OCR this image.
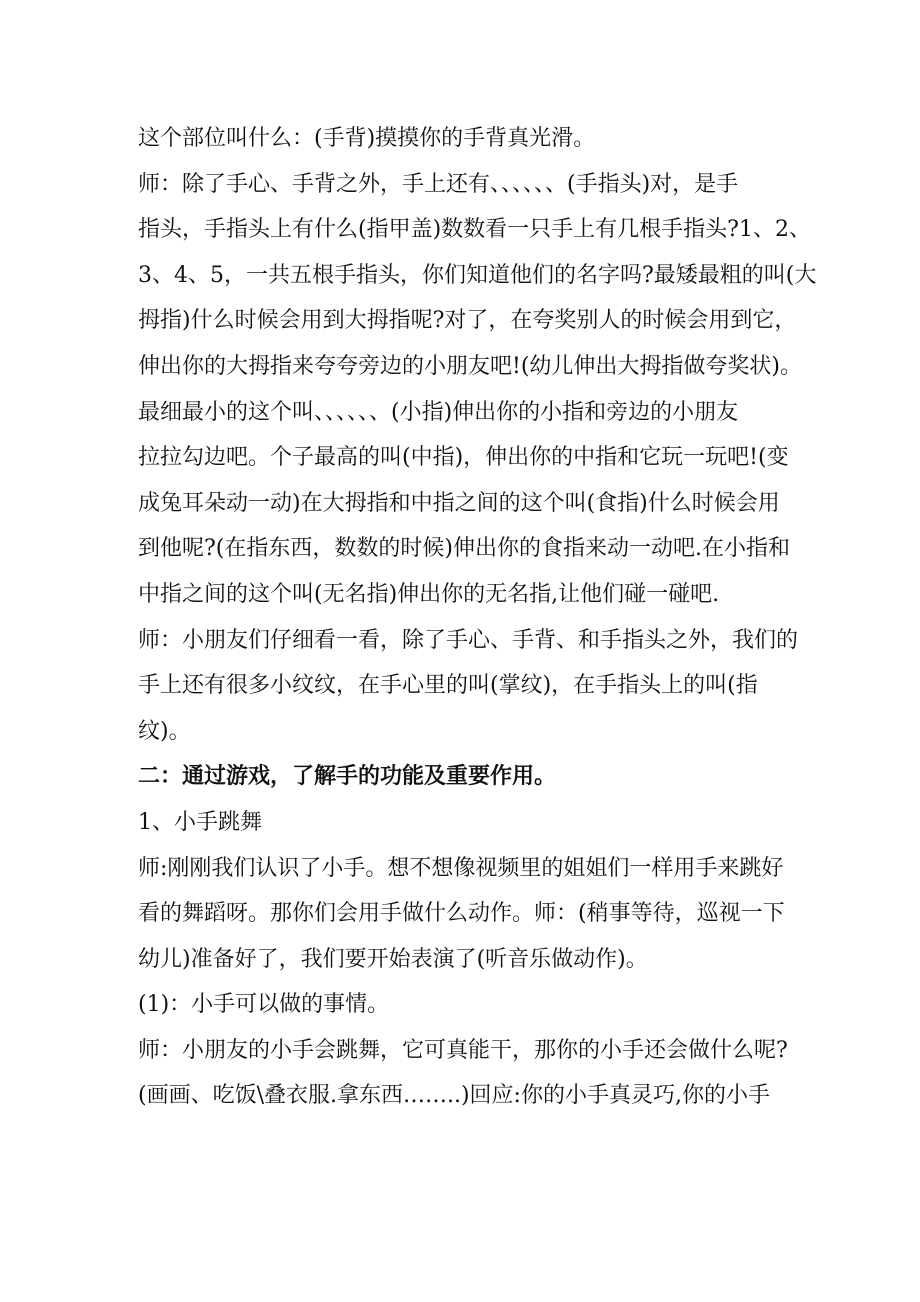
这个部位叫什么：(手背)摸摸你的手背真光滑。
师：除了手心、手背之外，手上还有、、、、、、(手指头)对，是手
指头，手指头上有什么(指甲盖)数数看一只手上有几根手指头?1、2、
3、4、5，一共五根手指头，你们知道他们的名字吗?最矮最粗的叫(大
拇指)什么时候会用到大拇指呢?对了，在夸奖别人的时候会用到它，
伸出你的大拇指来夸夸旁边的小朋友吧!(幼儿伸出大拇指做夸奖状)。
最细最小的这个叫、、、、、、(小指)伸出你的小指和旁边的小朋友
拉拉勾边吧。个子最高的叫(中指)，伸出你的中指和它玩一玩吧!(变
成兔耳朵动一动)在大拇指和中指之间的这个叫(食指)什么时候会用
到他呢?(在指东西，数数的时候)伸出你的食指来动一动吧.在小指和
中指之间的这个叫(无名指)伸出你的无名指,让他们碰一碰吧.
师：小朋友们仔细看一看，除了手心、手背、和手指头之外，我们的
手上还有很多小纹纹，在手心里的叫(掌纹)，在手指头上的叫(指
纹)。
二：通过游戏，了解手的功能及重要作用。
1、小手跳舞
师:刚刚我们认识了小手。想不想像视频里的姐姐们一样用手来跳好
看的舞蹈呀。那你们会用手做什么动作。师：(稍事等待，巡视一下
幼儿)准备好了，我们要开始表演了(听音乐做动作)。
(1)：小手可以做的事情。
师：小朋友的小手会跳舞，它可真能干，那你的小手还会做什么呢?
(画画、吃饭\叠衣服.拿东西……..)回应:你的小手真灵巧,你的小手
